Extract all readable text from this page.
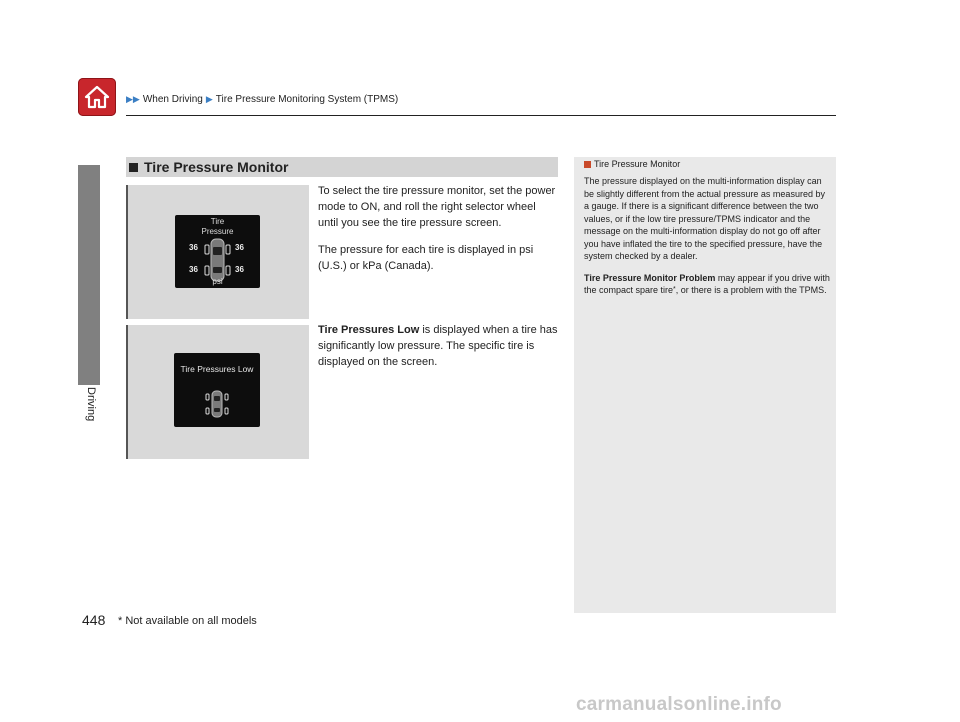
▶▶ When Driving ▶ Tire Pressure Monitoring System (TPMS)
Driving
Tire Pressure Monitor
Tire
Pressure
36	36
36	36
psi
Tire Pressures Low
To select the tire pressure monitor, set the power mode to ON, and roll the right selector wheel until you see the tire pressure screen.
The pressure for each tire is displayed in psi (U.S.) or kPa (Canada).
Tire Pressures Low is displayed when a tire has significantly low pressure. The specific tire is displayed on the screen.
Tire Pressure Monitor

The pressure displayed on the multi-information display can be slightly different from the actual pressure as measured by a gauge. If there is a significant difference between the two values, or if the low tire pressure/TPMS indicator and the message on the multi-information display do not go off after you have inflated the tire to the specified pressure, have the system checked by a dealer.

Tire Pressure Monitor Problem may appear if you drive with the compact spare tire*, or there is a problem with the TPMS.

448 * Not available on all models
carmanualsonline.info
